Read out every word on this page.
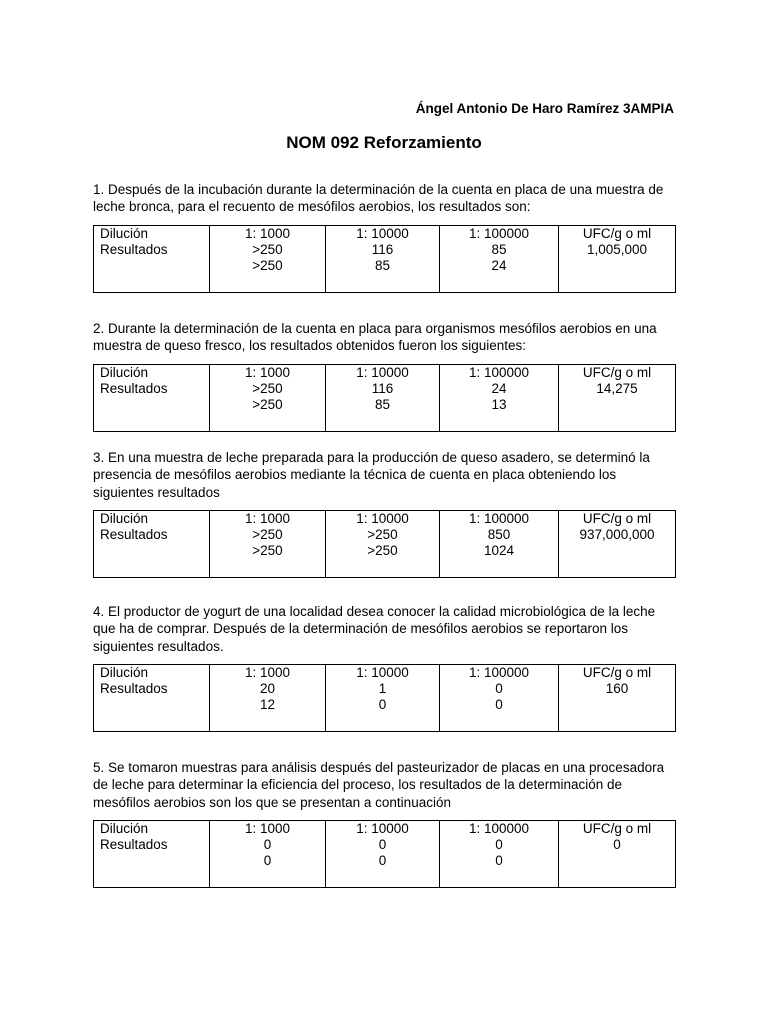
Ángel Antonio De Haro Ramírez 3AMPIA
NOM 092 Reforzamiento

1. Después de la incubación durante la determinación de la cuenta en placa de una muestra de leche bronca, para el recuento de mesófilos aerobios, los resultados son:

Dilución	1: 1000	1: 10000	1: 100000	UFC/g o ml
Resultados	>250	116	85	1,005,000
	>250	85	24	

2. Durante la determinación de la cuenta en placa para organismos mesófilos aerobios en una muestra de queso fresco, los resultados obtenidos fueron los siguientes:

Dilución	1: 1000	1: 10000	1: 100000	UFC/g o ml
Resultados	>250	116	24	14,275
	>250	85	13	

3. En una muestra de leche preparada para la producción de queso asadero, se determinó la presencia de mesófilos aerobios mediante la técnica de cuenta en placa obteniendo los siguientes resultados

Dilución	1: 1000	1: 10000	1: 100000	UFC/g o ml
Resultados	>250	>250	850	937,000,000
	>250	>250	1024	

4. El productor de yogurt de una localidad desea conocer la calidad microbiológica de la leche que ha de comprar. Después de la determinación de mesófilos aerobios se reportaron los siguientes resultados.

Dilución	1: 1000	1: 10000	1: 100000	UFC/g o ml
Resultados	20	1	0	160
	12	0	0	

5. Se tomaron muestras para análisis después del pasteurizador de placas en una procesadora de leche para determinar la eficiencia del proceso, los resultados de la determinación de mesófilos aerobios son los que se presentan a continuación

Dilución	1: 1000	1: 10000	1: 100000	UFC/g o ml
Resultados	0	0	0	0
	0	0	0	
